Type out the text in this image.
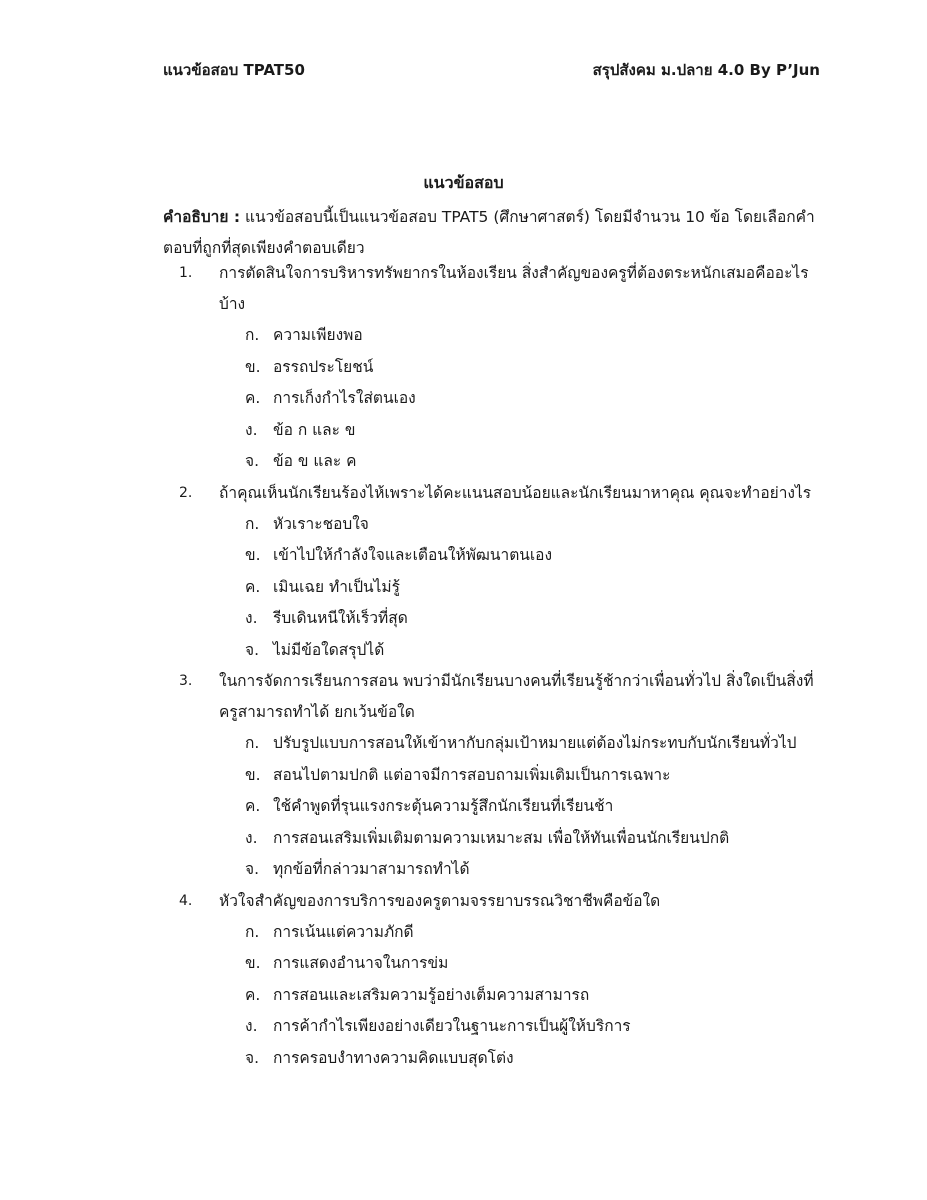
แนวข้อสอบ TPAT50	สรุปสังคม ม.ปลาย 4.0 By P’Jun
แนวข้อสอบ
คำอธิบาย : แนวข้อสอบนี้เป็นแนวข้อสอบ TPAT5 (ศึกษาศาสตร์) โดยมีจำนวน 10 ข้อ โดยเลือกคำตอบที่ถูกที่สุดเพียงคำตอบเดียว
1.	การตัดสินใจการบริหารทรัพยากรในห้องเรียน สิ่งสำคัญของครูที่ต้องตระหนักเสมอคืออะไรบ้าง
ก. ความเพียงพอ
ข. อรรถประโยชน์
ค. การเก็งกำไรใส่ตนเอง
ง.	ข้อ ก และ ข
จ. ข้อ ข และ ค
2.	ถ้าคุณเห็นนักเรียนร้องไห้เพราะได้คะแนนสอบน้อยและนักเรียนมาหาคุณ คุณจะทำอย่างไร
ก. หัวเราะชอบใจ
ข. เข้าไปให้กำลังใจและเตือนให้พัฒนาตนเอง
ค. เมินเฉย ทำเป็นไม่รู้
ง.	รีบเดินหนีให้เร็วที่สุด
จ. ไม่มีข้อใดสรุปได้
3.	ในการจัดการเรียนการสอน พบว่ามีนักเรียนบางคนที่เรียนรู้ช้ากว่าเพื่อนทั่วไป สิ่งใดเป็นสิ่งที่ครูสามารถทำได้ ยกเว้นข้อใด
ก. ปรับรูปแบบการสอนให้เข้าหากับกลุ่มเป้าหมายแต่ต้องไม่กระทบกับนักเรียนทั่วไป
ข. สอนไปตามปกติ แต่อาจมีการสอบถามเพิ่มเติมเป็นการเฉพาะ
ค. ใช้คำพูดที่รุนแรงกระตุ้นความรู้สึกนักเรียนที่เรียนช้า
ง.	การสอนเสริมเพิ่มเติมตามความเหมาะสม เพื่อให้ทันเพื่อนนักเรียนปกติ
จ. ทุกข้อที่กล่าวมาสามารถทำได้
4.	หัวใจสำคัญของการบริการของครูตามจรรยาบรรณวิชาชีพคือข้อใด
ก. การเน้นแต่ความภักดี
ข. การแสดงอำนาจในการข่ม
ค. การสอนและเสริมความรู้อย่างเต็มความสามารถ
ง.	การค้ากำไรเพียงอย่างเดียวในฐานะการเป็นผู้ให้บริการ
จ. การครอบงำทางความคิดแบบสุดโต่ง
